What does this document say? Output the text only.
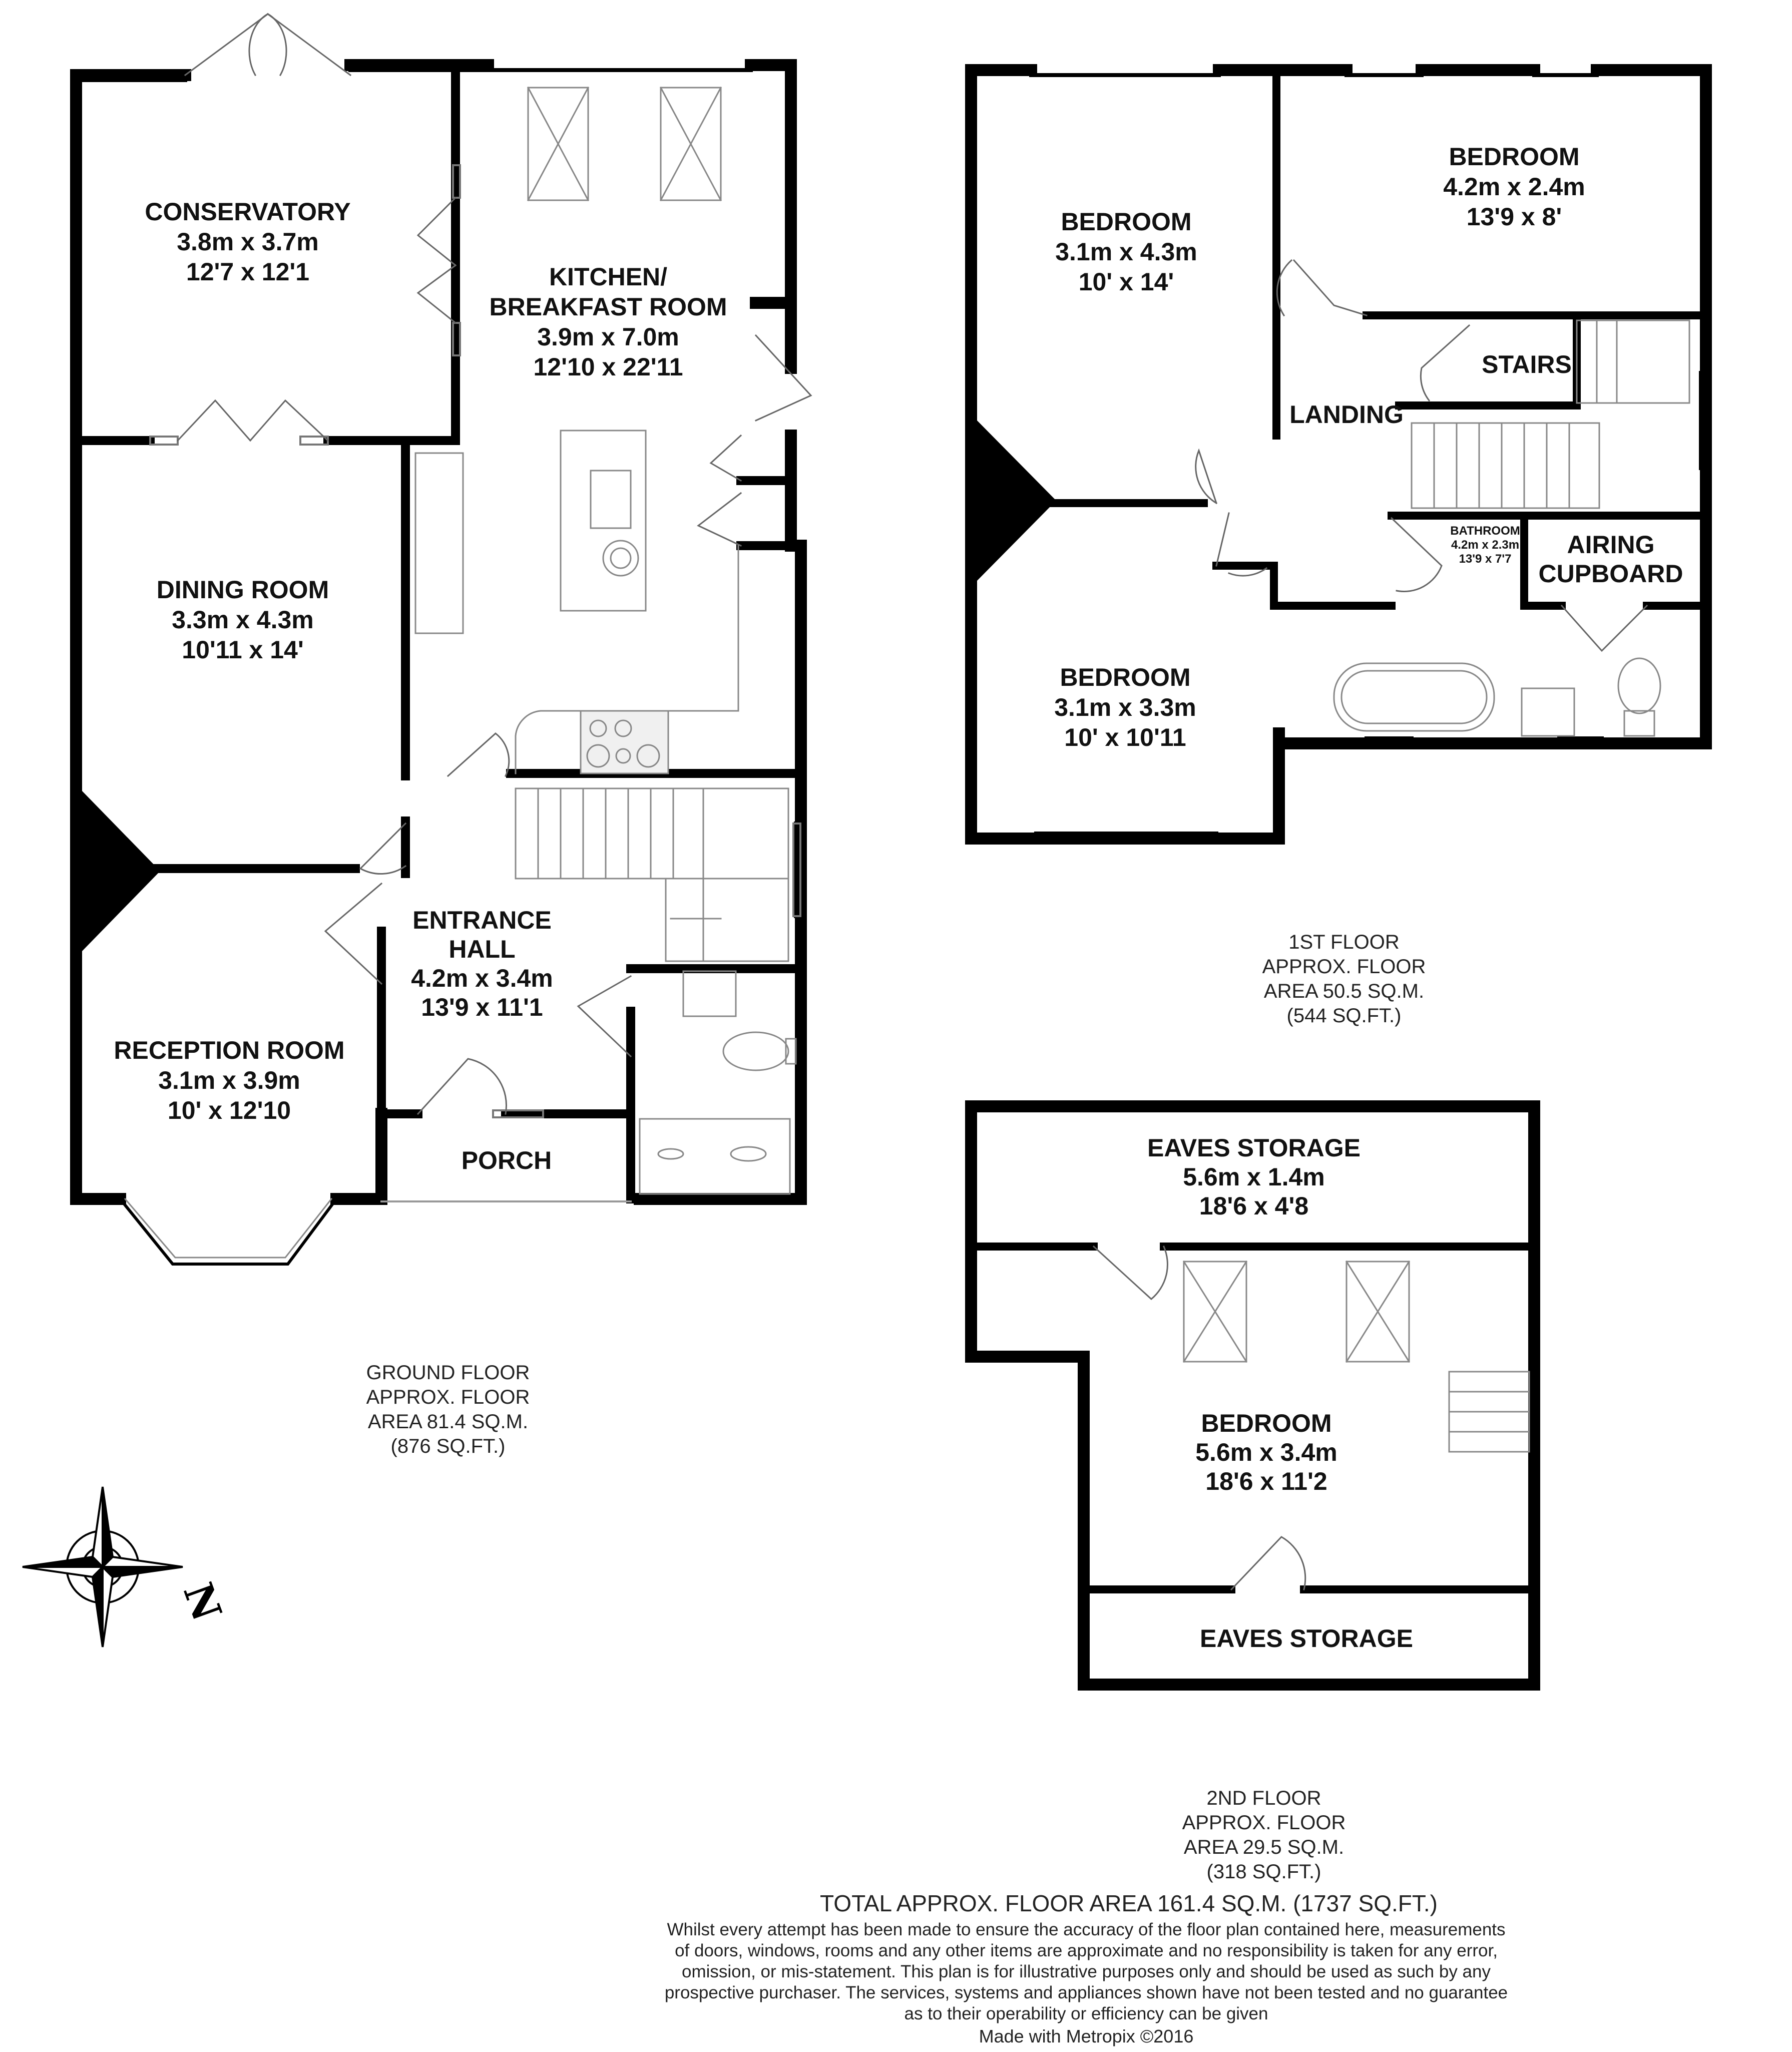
N
CONSERVATORY 3.8m x 3.7m 12'7 x 12'1	KITCHEN/ BREAKFAST ROOM 3.9m x 7.0m 12'10 x 22'11
DINING ROOM 3.3m x 4.3m 10'11 x 14'
ENTRANCE HALL 4.2m x 3.4m 13'9 x 11'1
RECEPTION ROOM 3.1m x 3.9m 10' x 12'10
PORCH
BEDROOM 3.1m x 4.3m 10' x 14'
BEDROOM 4.2m x 2.4m 13'9 x 8'
STAIRS
LANDING
BATHROOM 4.2m x 2.3m 13'9 x 7'7
AIRING CUPBOARD
BEDROOM 3.1m x 3.3m 10' x 10'11
EAVES STORAGE 5.6m x 1.4m 18'6 x 4'8
BEDROOM 5.6m x 3.4m 18'6 x 11'2
EAVES STORAGE
GROUND FLOOR APPROX. FLOOR AREA 81.4 SQ.M. (876 SQ.FT.)
1ST FLOOR APPROX. FLOOR AREA 50.5 SQ.M. (544 SQ.FT.)
2ND FLOOR APPROX. FLOOR AREA 29.5 SQ.M. (318 SQ.FT.)
TOTAL APPROX. FLOOR AREA 161.4 SQ.M. (1737 SQ.FT.)
Whilst every attempt has been made to ensure the accuracy of the floor plan contained here, measurements
of doors, windows, rooms and any other items are approximate and no responsibility is taken for any error,
omission, or mis-statement. This plan is for illustrative purposes only and should be used as such by any
prospective purchaser. The services, systems and appliances shown have not been tested and no guarantee
as to their operability or efficiency can be given
Made with Metropix ©2016
